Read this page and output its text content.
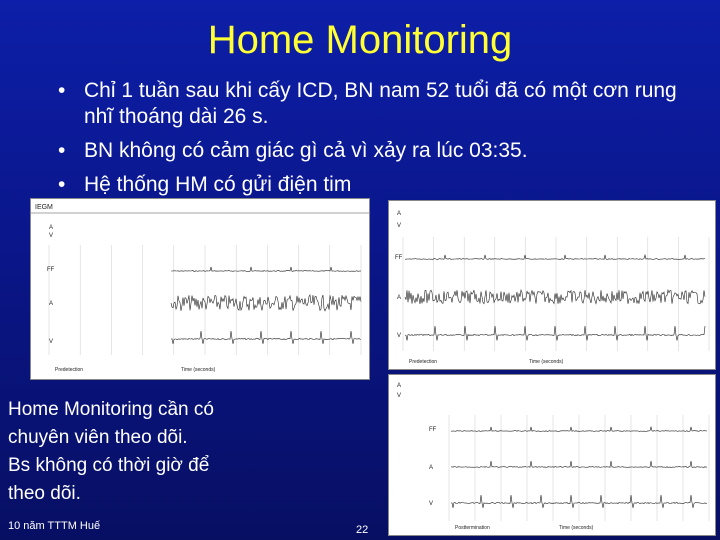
Home Monitoring
• Chỉ 1 tuần sau khi cấy ICD, BN nam 52 tuổi đã có một cơn rung nhĩ thoáng dài 26 s.
• BN không có cảm giác gì cả vì xảy ra lúc 03:35.
• Hệ thống HM có gửi điện tim
IEGM
A
V
FF
A
V
Predetection	Time (seconds)
A
V
FF
A
V
Predetection	Time (seconds)
A
V
FF
A
V
Posttermination	Time (seconds)
Home Monitoring cần có
chuyên viên theo dõi.
Bs không có thời giờ để
theo dõi.
10 năm TTTM Huế	22
